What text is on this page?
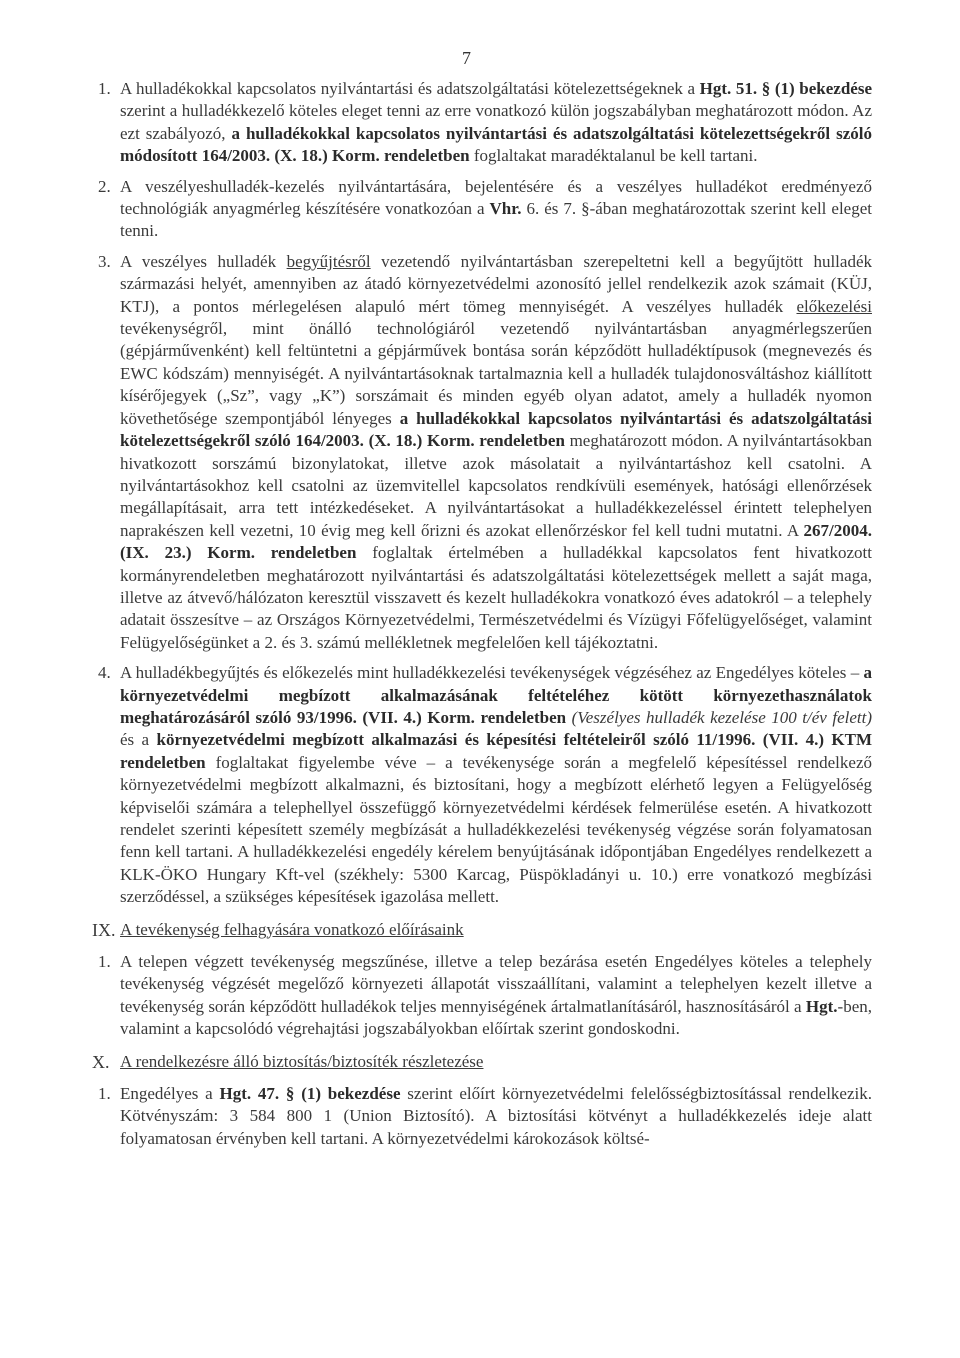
7
1. A hulladékokkal kapcsolatos nyilvántartási és adatszolgáltatási kötelezettségeknek a Hgt. 51. § (1) bekezdése szerint a hulladékkezelő köteles eleget tenni az erre vonatkozó külön jogszabályban meghatározott módon. Az ezt szabályozó, a hulladékokkal kapcsolatos nyilvántartási és adatszolgáltatási kötelezettségekről szóló módosított 164/2003. (X. 18.) Korm. rendeletben foglaltakat maradéktalanul be kell tartani.
2. A veszélyeshulladék-kezelés nyilvántartására, bejelentésére és a veszélyes hulladékot eredményező technológiák anyagmérleg készítésére vonatkozóan a Vhr. 6. és 7. §-ában meghatározottak szerint kell eleget tenni.
3. A veszélyes hulladék begyűjtésről vezetendő nyilvántartásban szerepeltetni kell a begyűjtött hulladék származási helyét, amennyiben az átadó környezetvédelmi azonosító jellel rendelkezik azok számait (KÜJ, KTJ), a pontos mérlegelésen alapuló mért tömeg mennyiségét. A veszélyes hulladék előkezelési tevékenységről, mint önálló technológiáról vezetendő nyilvántartásban anyagmérlegszerűen (gépjárművenként) kell feltüntetni a gépjárművek bontása során képződött hulladéktípusok (megnevezés és EWC kódszám) mennyiségét. A nyilvántartásoknak tartalmaznia kell a hulladék tulajdonosváltáshoz kiállított kísérőjegyek („Sz”, vagy „K”) sorszámait és minden egyéb olyan adatot, amely a hulladék nyomon követhetősége szempontjából lényeges a hulladékokkal kapcsolatos nyilvántartási és adatszolgáltatási kötelezettségekről szóló 164/2003. (X. 18.) Korm. rendeletben meghatározott módon. A nyilvántartásokban hivatkozott sorszámú bizonylatokat, illetve azok másolatait a nyilvántartáshoz kell csatolni. A nyilvántartásokhoz kell csatolni az üzemvitellel kapcsolatos rendkívüli események, hatósági ellenőrzések megállapításait, arra tett intézkedéseket. A nyilvántartásokat a hulladékkezeléssel érintett telephelyen naprakészen kell vezetni, 10 évig meg kell őrizni és azokat ellenőrzéskor fel kell tudni mutatni. A 267/2004. (IX. 23.) Korm. rendeletben foglaltak értelmében a hulladékkal kapcsolatos fent hivatkozott kormányrendeletben meghatározott nyilvántartási és adatszolgáltatási kötelezettségek mellett a saját maga, illetve az átvevő/hálózaton keresztül visszavett és kezelt hulladékokra vonatkozó éves adatokról – a telephely adatait összesítve – az Országos Környezetvédelmi, Természetvédelmi és Vízügyi Főfelügyelőséget, valamint Felügyelőségünket a 2. és 3. számú mellékletnek megfelelően kell tájékoztatni.
4. A hulladékbegyűjtés és előkezelés mint hulladékkezelési tevékenységek végzéséhez az Engedélyes köteles – a környezetvédelmi megbízott alkalmazásának feltételéhez kötött környezethasználatok meghatározásáról szóló 93/1996. (VII. 4.) Korm. rendeletben (Veszélyes hulladék kezelése 100 t/év felett) és a környezetvédelmi megbízott alkalmazási és képesítési feltételeiről szóló 11/1996. (VII. 4.) KTM rendeletben foglaltakat figyelembe véve – a tevékenysége során a megfelelő képesítéssel rendelkező környezetvédelmi megbízott alkalmazni, és biztosítani, hogy a megbízott elérhető legyen a Felügyelőség képviselői számára a telephellyel összefüggő környezetvédelmi kérdések felmerülése esetén. A hivatkozott rendelet szerinti képesített személy megbízását a hulladékkezelési tevékenység végzése során folyamatosan fenn kell tartani. A hulladékkezelési engedély kérelem benyújtásának időpontjában Engedélyes rendelkezett a KLK-ÖKO Hungary Kft-vel (székhely: 5300 Karcag, Püspökladányi u. 10.) erre vonatkozó megbízási szerződéssel, a szükséges képesítések igazolása mellett.
IX. A tevékenység felhagyására vonatkozó előírásaink
1. A telepen végzett tevékenység megszűnése, illetve a telep bezárása esetén Engedélyes köteles a telephely tevékenység végzését megelőző környezeti állapotát visszaállítani, valamint a telephelyen kezelt illetve a tevékenység során képződött hulladékok teljes mennyiségének ártalmatlanításáról, hasznosításáról a Hgt.-ben, valamint a kapcsolódó végrehajtási jogszabályokban előírtak szerint gondoskodni.
X. A rendelkezésre álló biztosítás/biztosíték részletezése
1. Engedélyes a Hgt. 47. § (1) bekezdése szerint előírt környezetvédelmi felelősségbiztosítással rendelkezik. Kötvényszám: 3 584 800 1 (Union Biztosító). A biztosítási kötvényt a hulladékkezelés ideje alatt folyamatosan érvényben kell tartani. A környezetvédelmi károkozások költsé-
